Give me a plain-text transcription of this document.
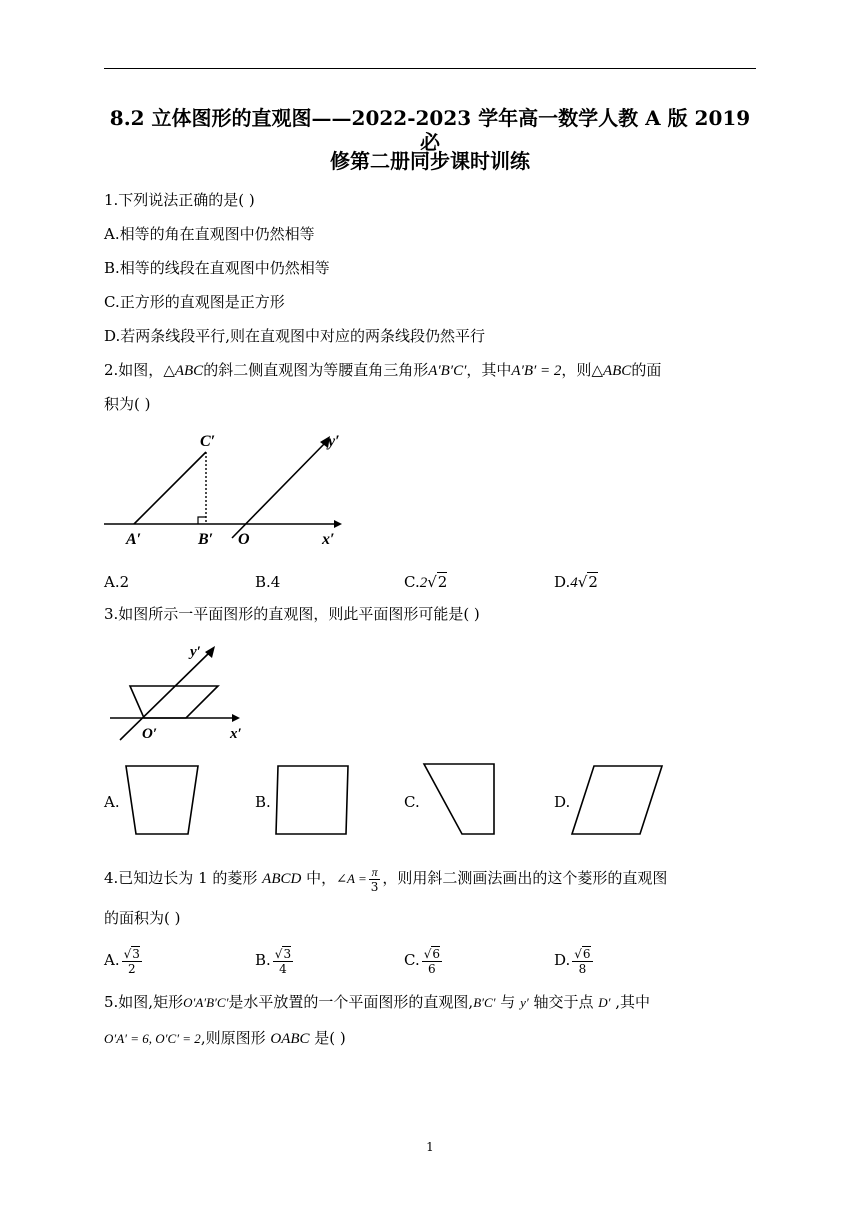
8.2 立体图形的直观图——2022-2023 学年高一数学人教 A 版 2019 必
修第二册同步课时训练
1.下列说法正确的是( )
A.相等的角在直观图中仍然相等
B.相等的线段在直观图中仍然相等
C.正方形的直观图是正方形
D.若两条线段平行,则在直观图中对应的两条线段仍然平行
2.如图，△ABC的斜二侧直观图为等腰直角三角形A′B′C′，其中A′B′ = 2，则△ABC的面
积为( )
C′	y′
A′	B′ O	x′
A.2	B.4	C.2√2	D.4√2
3.如图所示一平面图形的直观图，则此平面图形可能是( )
y′
O′	x′
A.	B.	C.	D.
4.已知边长为 1 的菱形 ABCD 中，∠A = $\frac{\pi}{3}$ ，则用斜二测画法画出的这个菱形的直观图
的面积为( )
A. $\frac{√3}{2}$	B. $\frac{√3}{4}$	C. $\frac{√6}{6}$	D. $\frac{√6}{8}$
5.如图,矩形O′A′B′C′是水平放置的一个平面图形的直观图,B′C′ 与 y′ 轴交于点 D′ ,其中
O′A′ = 6, O′C′ = 2,则原图形 OABC 是( )
1
